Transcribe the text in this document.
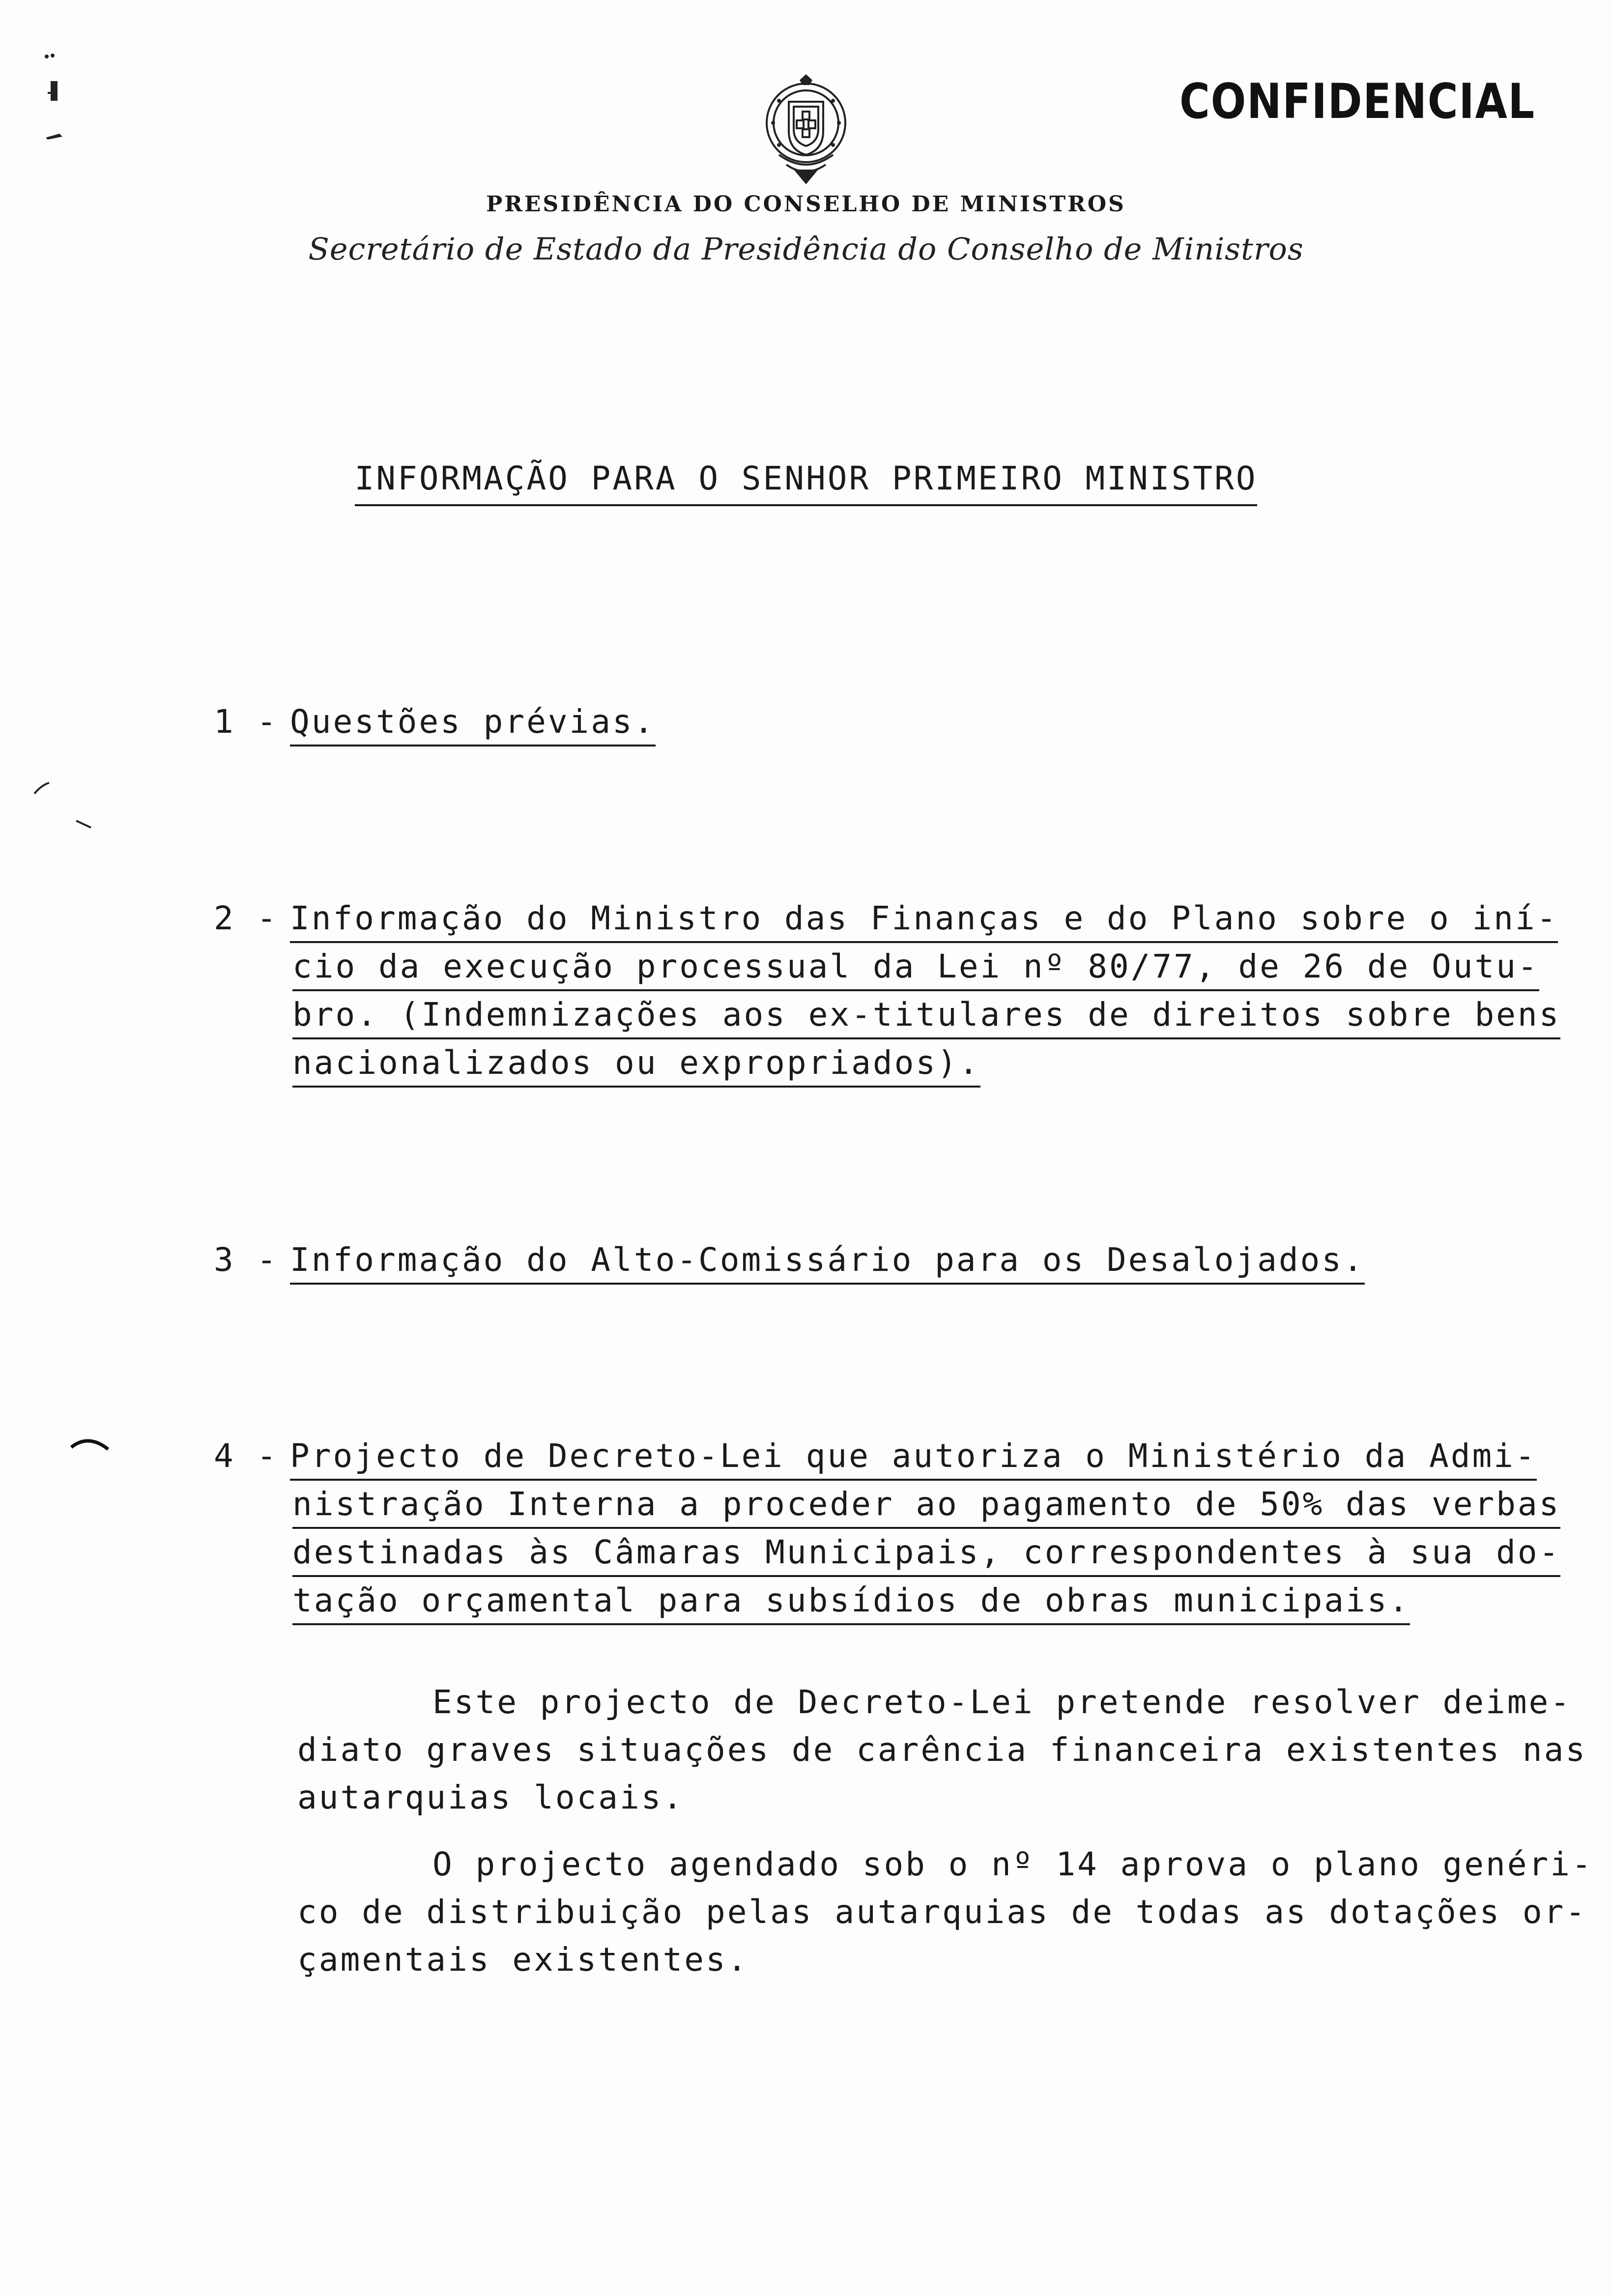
CONFIDENCIAL
PRESIDÊNCIA DO CONSELHO DE MINISTROS
Secretário de Estado da Presidência do Conselho de Ministros
INFORMAÇÃO PARA O SENHOR PRIMEIRO MINISTRO
1 - Questões prévias.
2 - Informação do Ministro das Finanças e do Plano sobre o iní-
cio da execução processual da Lei nº 80/77, de 26 de Outu-
bro. (Indemnizações aos ex-titulares de direitos sobre bens
nacionalizados ou expropriados).
3 - Informação do Alto-Comissário para os Desalojados.
4 - Projecto de Decreto-Lei que autoriza o Ministério da Admi-
nistração Interna a proceder ao pagamento de 50% das verbas
destinadas às Câmaras Municipais, correspondentes à sua do-
tação orçamental para subsídios de obras municipais.
Este projecto de Decreto-Lei pretende resolver deime-
diato graves situações de carência financeira existentes nas
autarquias locais.
O projecto agendado sob o nº 14 aprova o plano genéri-
co de distribuição pelas autarquias de todas as dotações or-
çamentais existentes.
